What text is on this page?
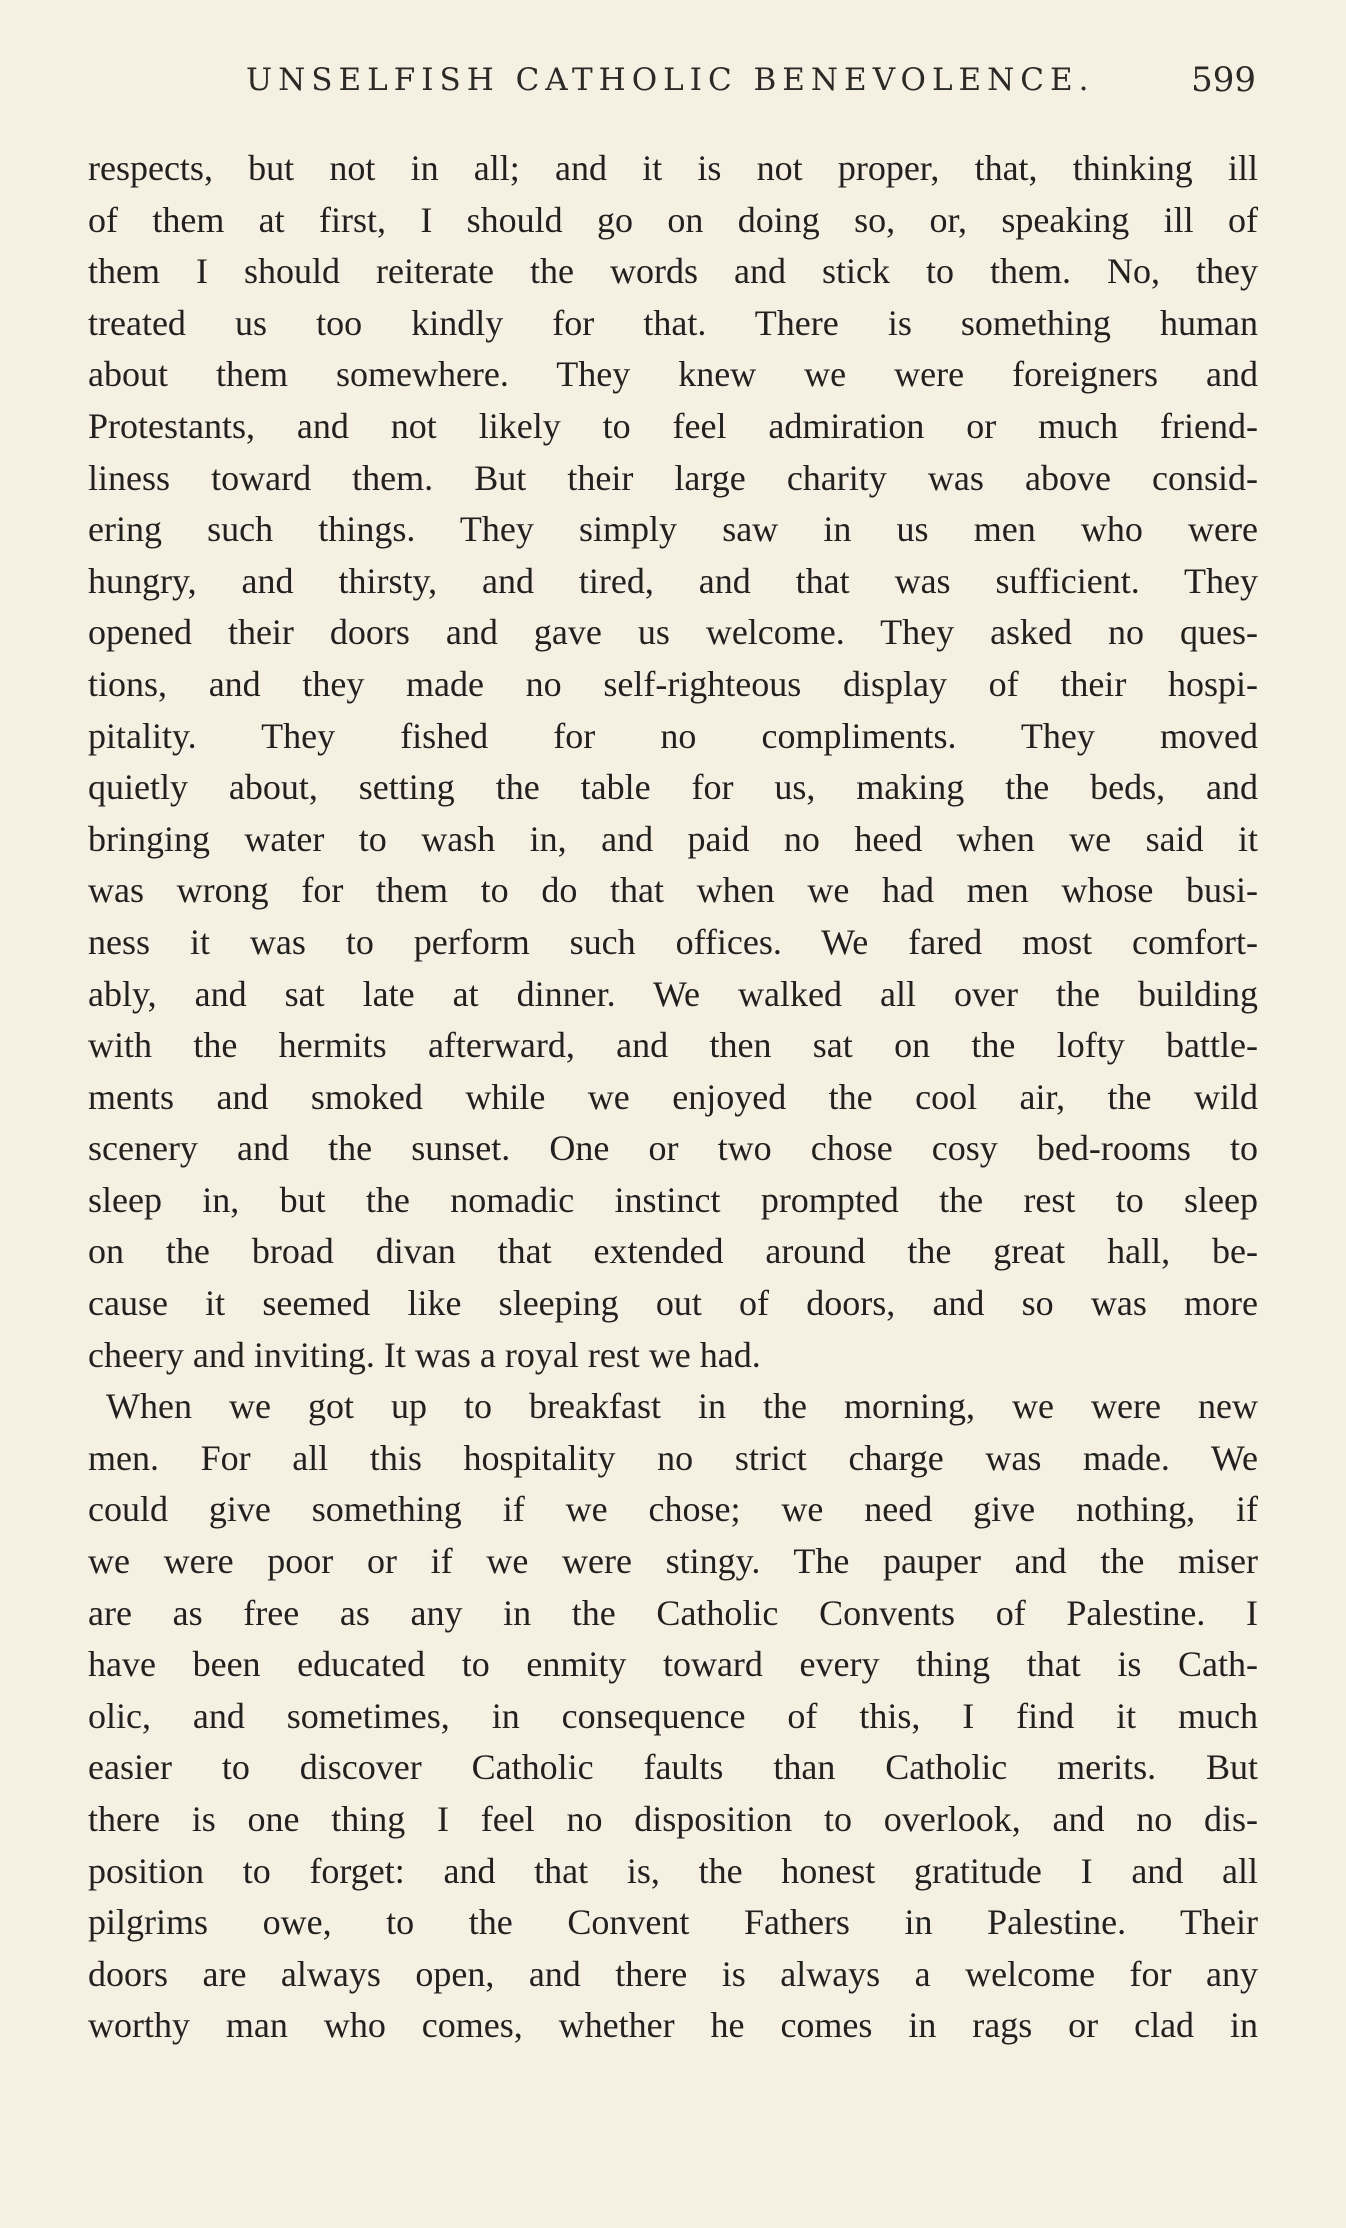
UNSELFISH CATHOLIC BENEVOLENCE.	599
respects, but not in all; and it is not proper, that, thinking ill
of them at first, I should go on doing so, or, speaking ill of
them I should reiterate the words and stick to them. No, they
treated us too kindly for that. There is something human
about them somewhere. They knew we were foreigners and
Protestants, and not likely to feel admiration or much friend-
liness toward them. But their large charity was above consid-
ering such things. They simply saw in us men who were
hungry, and thirsty, and tired, and that was sufficient. They
opened their doors and gave us welcome. They asked no ques-
tions, and they made no self-righteous display of their hospi-
pitality. They fished for no compliments. They moved
quietly about, setting the table for us, making the beds, and
bringing water to wash in, and paid no heed when we said it
was wrong for them to do that when we had men whose busi-
ness it was to perform such offices. We fared most comfort-
ably, and sat late at dinner. We walked all over the building
with the hermits afterward, and then sat on the lofty battle-
ments and smoked while we enjoyed the cool air, the wild
scenery and the sunset. One or two chose cosy bed-rooms to
sleep in, but the nomadic instinct prompted the rest to sleep
on the broad divan that extended around the great hall, be-
cause it seemed like sleeping out of doors, and so was more
cheery and inviting. It was a royal rest we had.
When we got up to breakfast in the morning, we were new
men. For all this hospitality no strict charge was made. We
could give something if we chose; we need give nothing, if
we were poor or if we were stingy. The pauper and the miser
are as free as any in the Catholic Convents of Palestine. I
have been educated to enmity toward every thing that is Cath-
olic, and sometimes, in consequence of this, I find it much
easier to discover Catholic faults than Catholic merits. But
there is one thing I feel no disposition to overlook, and no dis-
position to forget: and that is, the honest gratitude I and all
pilgrims owe, to the Convent Fathers in Palestine. Their
doors are always open, and there is always a welcome for any
worthy man who comes, whether he comes in rags or clad in
